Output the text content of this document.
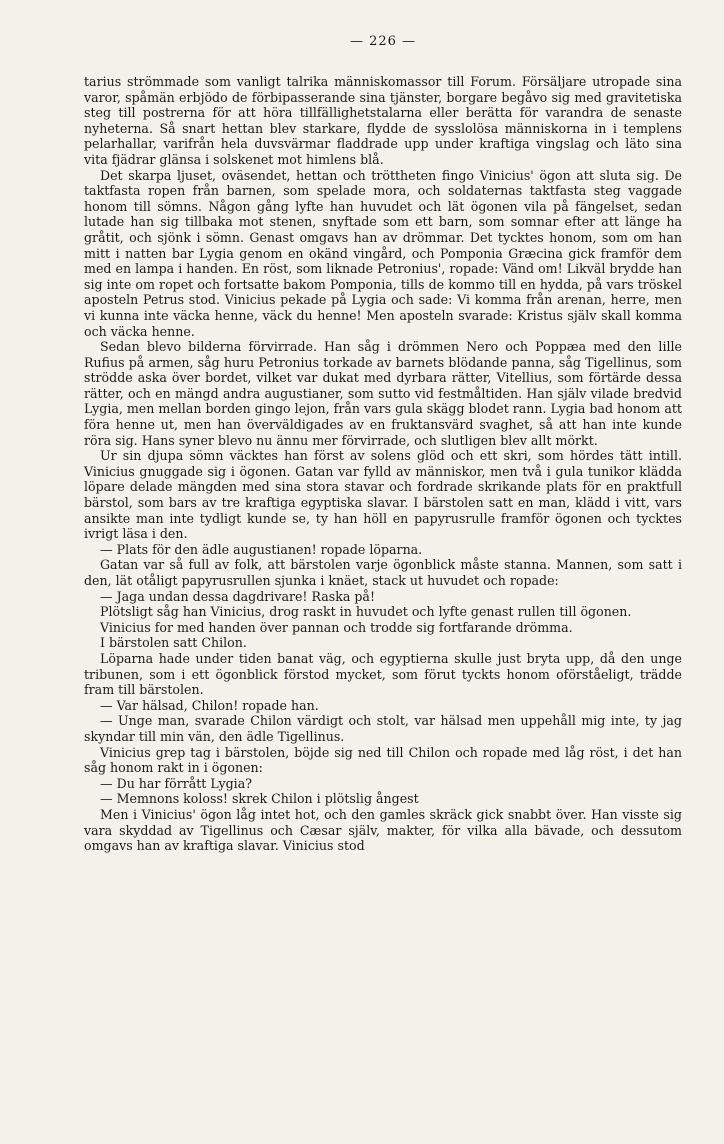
— 226 —

tarius strömmade som vanligt talrika människomassor till Forum. Försäljare utropade sina varor, spåmän erbjödo de förbipasserande sina tjänster, borgare begåvo sig med gravitetiska steg till postrerna för att höra tillfällighetstalarna eller berätta för varandra de senaste nyheterna. Så snart hettan blev starkare, flydde de sysslolösa människorna in i templens pelarhallar, varifrån hela duvsvärmar fladdrade upp under kraftiga vingslag och läto sina vita fjädrar glänsa i solskenet mot himlens blå.

Det skarpa ljuset, oväsendet, hettan och tröttheten fingo Vinicius' ögon att sluta sig. De taktfasta ropen från barnen, som spelade mora, och soldaternas taktfasta steg vaggade honom till sömns. Någon gång lyfte han huvudet och lät ögonen vila på fängelset, sedan lutade han sig tillbaka mot stenen, snyftade som ett barn, som somnar efter att länge ha gråtit, och sjönk i sömn. Genast omgavs han av drömmar. Det tycktes honom, som om han mitt i natten bar Lygia genom en okänd vingård, och Pomponia Græcina gick framför dem med en lampa i handen. En röst, som liknade Petronius', ropade: Vänd om! Likväl brydde han sig inte om ropet och fortsatte bakom Pomponia, tills de kommo till en hydda, på vars tröskel aposteln Petrus stod. Vinicius pekade på Lygia och sade: Vi komma från arenan, herre, men vi kunna inte väcka henne, väck du henne! Men aposteln svarade: Kristus själv skall komma och väcka henne.

Sedan blevo bilderna förvirrade. Han såg i drömmen Nero och Poppæa med den lille Rufius på armen, såg huru Petronius torkade av barnets blödande panna, såg Tigellinus, som strödde aska över bordet, vilket var dukat med dyrbara rätter, Vitellius, som förtärde dessa rätter, och en mängd andra augustianer, som sutto vid festmåltiden. Han själv vilade bredvid Lygia, men mellan borden gingo lejon, från vars gula skägg blodet rann. Lygia bad honom att föra henne ut, men han överväldigades av en fruktansvärd svaghet, så att han inte kunde röra sig. Hans syner blevo nu ännu mer förvirrade, och slutligen blev allt mörkt.

Ur sin djupa sömn väcktes han först av solens glöd och ett skri, som hördes tätt intill. Vinicius gnuggade sig i ögonen. Gatan var fylld av människor, men två i gula tunikor klädda löpare delade mängden med sina stora stavar och fordrade skrikande plats för en praktfull bärstol, som bars av tre kraftiga egyptiska slavar. I bärstolen satt en man, klädd i vitt, vars ansikte man inte tydligt kunde se, ty han höll en papyrusrulle framför ögonen och tycktes ivrigt läsa i den.

— Plats för den ädle augustianen! ropade löparna.

Gatan var så full av folk, att bärstolen varje ögonblick måste stanna. Mannen, som satt i den, lät otåligt papyrusrullen sjunka i knäet, stack ut huvudet och ropade:

— Jaga undan dessa dagdrivare! Raska på!

Plötsligt såg han Vinicius, drog raskt in huvudet och lyfte genast rullen till ögonen.

Vinicius for med handen över pannan och trodde sig fortfarande drömma.

I bärstolen satt Chilon.

Löparna hade under tiden banat väg, och egyptierna skulle just bryta upp, då den unge tribunen, som i ett ögonblick förstod mycket, som förut tyckts honom oförståeligt, trädde fram till bärstolen.

— Var hälsad, Chilon! ropade han.

— Unge man, svarade Chilon värdigt och stolt, var hälsad men uppehåll mig inte, ty jag skyndar till min vän, den ädle Tigellinus.

Vinicius grep tag i bärstolen, böjde sig ned till Chilon och ropade med låg röst, i det han såg honom rakt in i ögonen:

— Du har förrått Lygia?

— Memnons koloss! skrek Chilon i plötslig ångest

Men i Vinicius' ögon låg intet hot, och den gamles skräck gick snabbt över. Han visste sig vara skyddad av Tigellinus och Cæsar själv, makter, för vilka alla bävade, och dessutom omgavs han av kraftiga slavar. Vinicius stod
